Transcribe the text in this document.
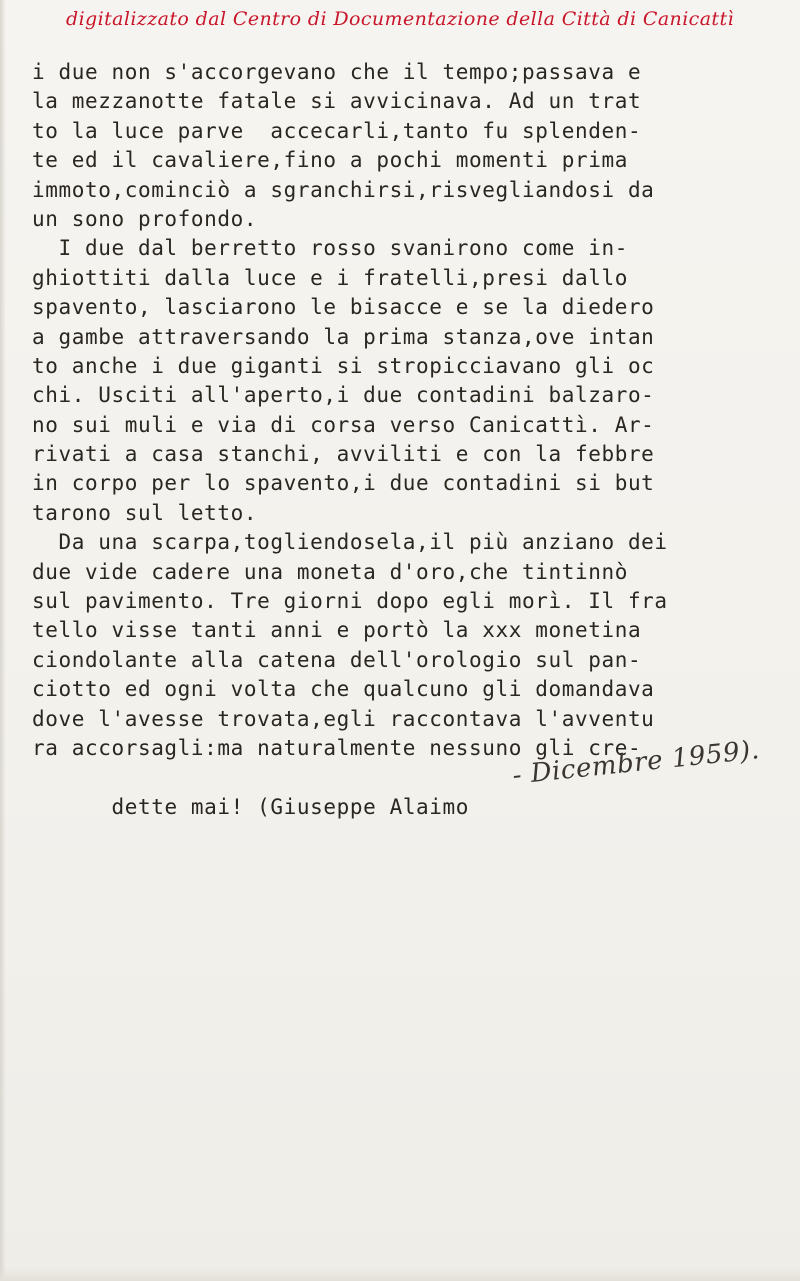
digitalizzato dal Centro di Documentazione della Città di Canicattì
i due non s'accorgevano che il tempo;passava e
la mezzanotte fatale si avvicinava. Ad un trat
to la luce parve  accecarli,tanto fu splenden-
te ed il cavaliere,fino a pochi momenti prima
immoto,cominciò a sgranchirsi,risvegliandosi da
un sono profondo.
I due dal berretto rosso svanirono come in-
ghiottiti dalla luce e i fratelli,presi dallo
spavento, lasciarono le bisacce e se la diedero
a gambe attraversando la prima stanza,ove intan
to anche i due giganti si stropicciavano gli oc
chi. Usciti all'aperto,i due contadini balzaro-
no sui muli e via di corsa verso Canicattì. Ar-
rivati a casa stanchi, avviliti e con la febbre
in corpo per lo spavento,i due contadini si but
tarono sul letto.
Da una scarpa,togliendosela,il più anziano dei
due vide cadere una moneta d'oro,che tintinnò
sul pavimento. Tre giorni dopo egli morì. Il fra
tello visse tanti anni e portò la xxx monetina
ciondolante alla catena dell'orologio sul pan-
ciotto ed ogni volta che qualcuno gli domandava
dove l'avesse trovata,egli raccontava l'avventu
ra accorsagli:ma naturalmente nessuno gli cre-

dette mai! (Giuseppe Alaimo

- Dicembre 1959).
